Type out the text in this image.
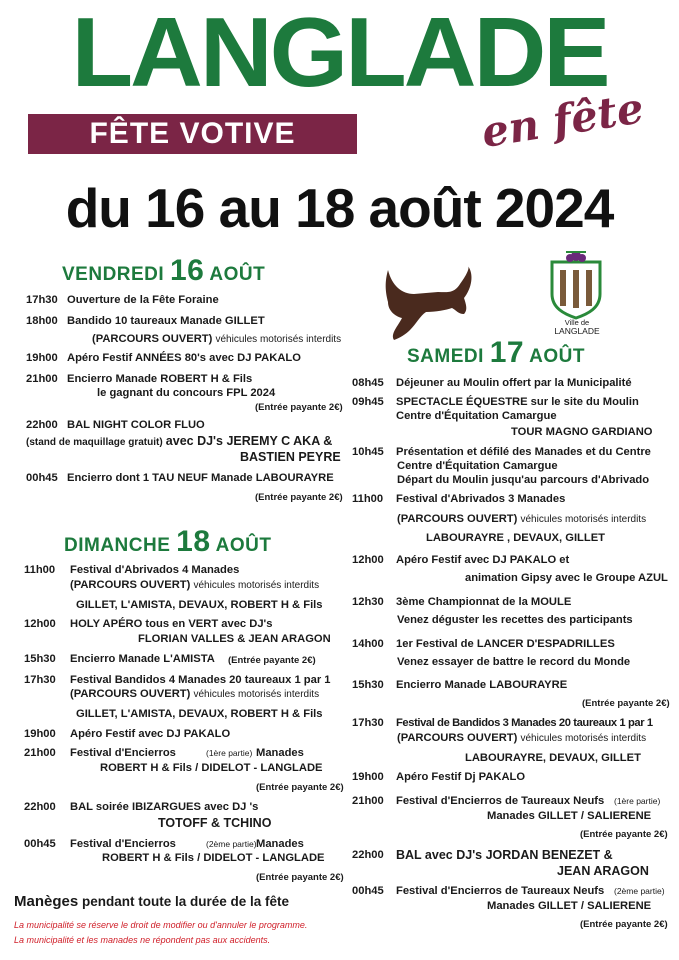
LANGLADE
FÊTE VOTIVE	en fête
du 16 au 18 août 2024
Ville de
LANGLADE
VENDREDI 16 AOÛT
17h30 Ouverture de la Fête Foraine
18h00 Bandido 10 taureaux Manade GILLET
(PARCOURS OUVERT) véhicules motorisés interdits
19h00 Apéro Festif ANNÉES 80's avec DJ PAKALO
21h00 Encierro Manade ROBERT H & Fils
le gagnant du concours FPL 2024
(Entrée payante 2€)
22h00 BAL NIGHT COLOR FLUO
(stand de maquillage gratuit) avec DJ's JEREMY C AKA &
BASTIEN PEYRE
00h45 Encierro dont 1 TAU NEUF Manade LABOURAYRE
(Entrée payante 2€)
DIMANCHE 18 AOÛT
11h00 Festival d'Abrivados 4 Manades
(PARCOURS OUVERT) véhicules motorisés interdits
GILLET, L'AMISTA, DEVAUX, ROBERT H & Fils
12h00 HOLY APÉRO tous en VERT avec DJ's
FLORIAN VALLES & JEAN ARAGON
15h30 Encierro Manade L'AMISTA (Entrée payante 2€)
17h30 Festival Bandidos 4 Manades 20 taureaux 1 par 1
(PARCOURS OUVERT) véhicules motorisés interdits
GILLET, L'AMISTA, DEVAUX, ROBERT H & Fils
19h00 Apéro Festif avec DJ PAKALO
21h00 Festival d'Encierros	(1ère partie) Manades
ROBERT H & Fils / DIDELOT - LANGLADE
(Entrée payante 2€)
22h00 BAL soirée IBIZARGUES avec DJ 's
TOTOFF & TCHINO
00h45 Festival d'Encierros	(2ème partie) Manades
ROBERT H & Fils / DIDELOT - LANGLADE
(Entrée payante 2€)
SAMEDI 17 AOÛT
08h45 Déjeuner au Moulin offert par la Municipalité
09h45 SPECTACLE ÉQUESTRE sur le site du Moulin
Centre d'Équitation Camargue
TOUR MAGNO GARDIANO
10h45 Présentation et défilé des Manades et du Centre
Centre d'Équitation Camargue
Départ du Moulin jusqu'au parcours d'Abrivado
11h00 Festival d'Abrivados 3 Manades
(PARCOURS OUVERT) véhicules motorisés interdits
LABOURAYRE , DEVAUX, GILLET
12h00 Apéro Festif avec DJ PAKALO et
animation Gipsy avec le Groupe AZUL
12h30 3ème Championnat de la MOULE
Venez déguster les recettes des participants
14h00 1er Festival de LANCER D'ESPADRILLES
Venez essayer de battre le record du Monde
15h30 Encierro Manade LABOURAYRE
(Entrée payante 2€)
17h30 Festival de Bandidos 3 Manades 20 taureaux 1 par 1
(PARCOURS OUVERT) véhicules motorisés interdits
LABOURAYRE, DEVAUX, GILLET
19h00 Apéro Festif Dj PAKALO
21h00 Festival d'Encierros de Taureaux Neufs (1ère partie)
Manades GILLET / SALIERENE
(Entrée payante 2€)
22h00 BAL avec DJ's JORDAN BENEZET &
JEAN ARAGON
00h45 Festival d'Encierros de Taureaux Neufs (2ème partie)
Manades GILLET / SALIERENE
(Entrée payante 2€)
Manèges pendant toute la durée de la fête
La municipalité se réserve le droit de modifier ou d'annuler le programme.
La municipalité et les manades ne répondent pas aux accidents.
